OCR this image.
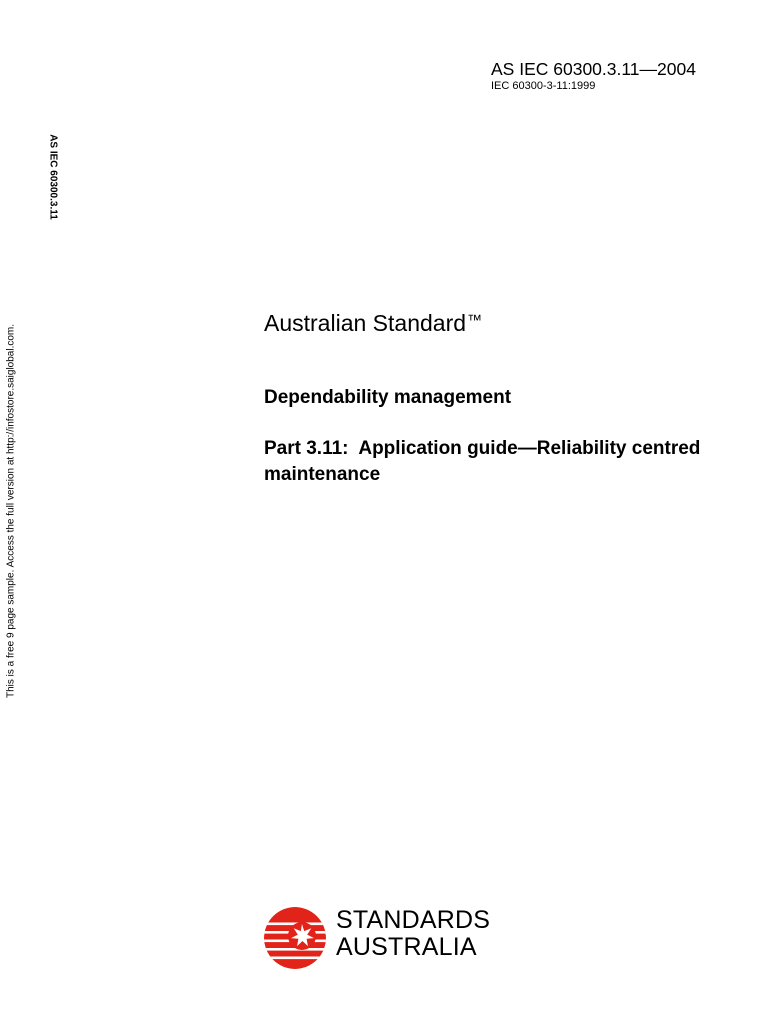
AS IEC 60300.3.11—2004
IEC 60300-3-11:1999
AS IEC 60300.3.11
This is a free 9 page sample. Access the full version at http://infostore.saiglobal.com.
Australian Standard™
Dependability management
Part 3.11:  Application guide—Reliability centred maintenance
STANDARDS
AUSTRALIA
